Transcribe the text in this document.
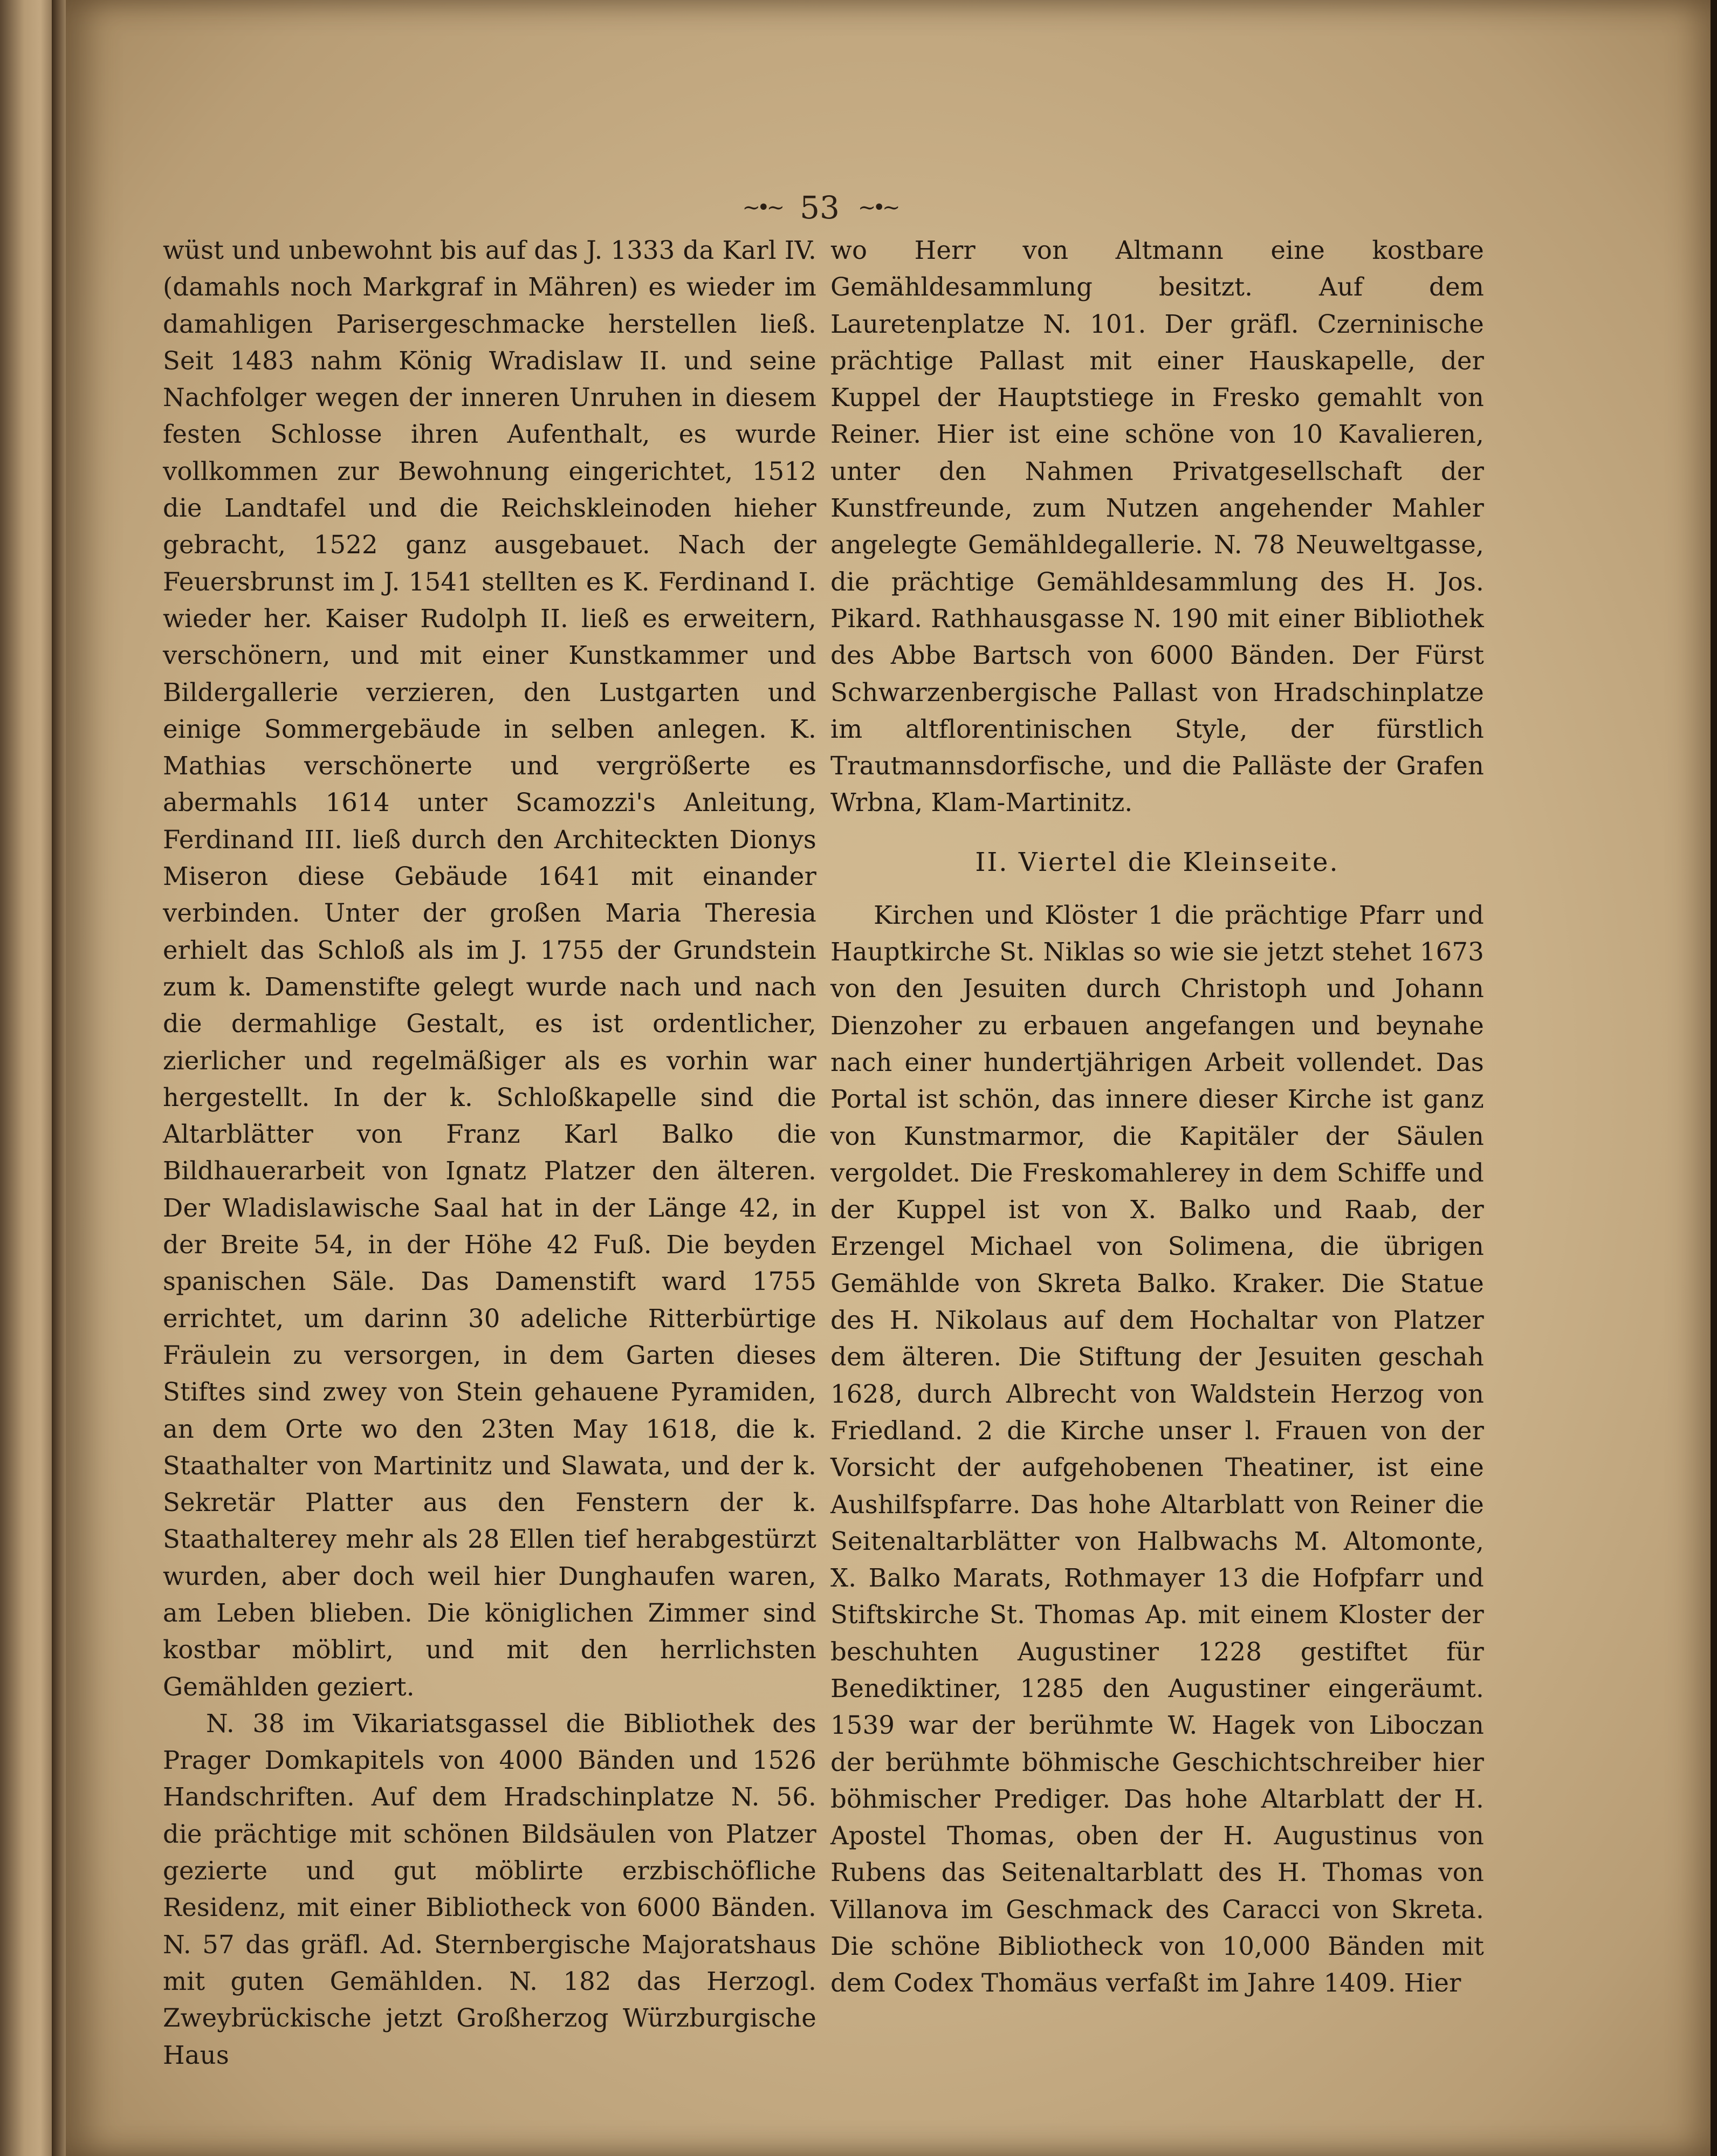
~•~ 53 ~•~

wüst und unbewohnt bis auf das J. 1333 da Karl IV. (damahls noch Markgraf in Mähren) es wieder im damahligen Parisergeschmacke herstellen ließ. Seit 1483 nahm König Wradislaw II. und seine Nachfolger wegen der inneren Unruhen in diesem festen Schlosse ihren Aufenthalt, es wurde vollkommen zur Bewohnung eingerichtet, 1512 die Landtafel und die Reichskleinoden hieher gebracht, 1522 ganz ausgebauet. Nach der Feuersbrunst im J. 1541 stellten es K. Ferdinand I. wieder her. Kaiser Rudolph II. ließ es erweitern, verschönern, und mit einer Kunstkammer und Bildergallerie verzieren, den Lustgarten und einige Sommergebäude in selben anlegen. K. Mathias verschönerte und vergrößerte es abermahls 1614 unter Scamozzi's Anleitung, Ferdinand III. ließ durch den Architeckten Dionys Miseron diese Gebäude 1641 mit einander verbinden. Unter der großen Maria Theresia erhielt das Schloß als im J. 1755 der Grundstein zum k. Damenstifte gelegt wurde nach und nach die dermahlige Gestalt, es ist ordentlicher, zierlicher und regelmäßiger als es vorhin war hergestellt. In der k. Schloßkapelle sind die Altarblätter von Franz Karl Balko die Bildhauerarbeit von Ignatz Platzer den älteren. Der Wladislawische Saal hat in der Länge 42, in der Breite 54, in der Höhe 42 Fuß. Die beyden spanischen Säle. Das Damenstift ward 1755 errichtet, um darinn 30 adeliche Ritterbürtige Fräulein zu versorgen, in dem Garten dieses Stiftes sind zwey von Stein gehauene Pyramiden, an dem Orte wo den 23ten May 1618, die k. Staathalter von Martinitz und Slawata, und der k. Sekretär Platter aus den Fenstern der k. Staathalterey mehr als 28 Ellen tief herabgestürzt wurden, aber doch weil hier Dunghaufen waren, am Leben blieben. Die königlichen Zimmer sind kostbar möblirt, und mit den herrlichsten Gemählden geziert.

N. 38 im Vikariatsgassel die Bibliothek des Prager Domkapitels von 4000 Bänden und 1526 Handschriften. Auf dem Hradschinplatze N. 56. die prächtige mit schönen Bildsäulen von Platzer gezierte und gut möblirte erzbischöfliche Residenz, mit einer Bibliotheck von 6000 Bänden. N. 57 das gräfl. Ad. Sternbergische Majoratshaus mit guten Gemählden. N. 182 das Herzogl. Zweybrückische jetzt Großherzog Würzburgische Haus

wo Herr von Altmann eine kostbare Gemähldesammlung besitzt. Auf dem Lauretenplatze N. 101. Der gräfl. Czerninische prächtige Pallast mit einer Hauskapelle, der Kuppel der Hauptstiege in Fresko gemahlt von Reiner. Hier ist eine schöne von 10 Kavalieren, unter den Nahmen Privatgesellschaft der Kunstfreunde, zum Nutzen angehender Mahler angelegte Gemähldegallerie. N. 78 Neuweltgasse, die prächtige Gemähldesammlung des H. Jos. Pikard. Rathhausgasse N. 190 mit einer Bibliothek des Abbe Bartsch von 6000 Bänden. Der Fürst Schwarzenbergische Pallast von Hradschinplatze im altflorentinischen Style, der fürstlich Trautmannsdorfische, und die Palläste der Grafen Wrbna, Klam-Martinitz.

II. Viertel die Kleinseite.

Kirchen und Klöster 1 die prächtige Pfarr und Hauptkirche St. Niklas so wie sie jetzt stehet 1673 von den Jesuiten durch Christoph und Johann Dienzoher zu erbauen angefangen und beynahe nach einer hundertjährigen Arbeit vollendet. Das Portal ist schön, das innere dieser Kirche ist ganz von Kunstmarmor, die Kapitäler der Säulen vergoldet. Die Freskomahlerey in dem Schiffe und der Kuppel ist von X. Balko und Raab, der Erzengel Michael von Solimena, die übrigen Gemählde von Skreta Balko. Kraker. Die Statue des H. Nikolaus auf dem Hochaltar von Platzer dem älteren. Die Stiftung der Jesuiten geschah 1628, durch Albrecht von Waldstein Herzog von Friedland. 2 die Kirche unser l. Frauen von der Vorsicht der aufgehobenen Theatiner, ist eine Aushilfspfarre. Das hohe Altarblatt von Reiner die Seitenaltarblätter von Halbwachs M. Altomonte, X. Balko Marats, Rothmayer 13 die Hofpfarr und Stiftskirche St. Thomas Ap. mit einem Kloster der beschuhten Augustiner 1228 gestiftet für Benediktiner, 1285 den Augustiner eingeräumt. 1539 war der berühmte W. Hagek von Liboczan der berühmte böhmische Geschichtschreiber hier böhmischer Prediger. Das hohe Altarblatt der H. Apostel Thomas, oben der H. Augustinus von Rubens das Seitenaltarblatt des H. Thomas von Villanova im Geschmack des Caracci von Skreta. Die schöne Bibliotheck von 10,000 Bänden mit dem Codex Thomäus verfaßt im Jahre 1409. Hier
